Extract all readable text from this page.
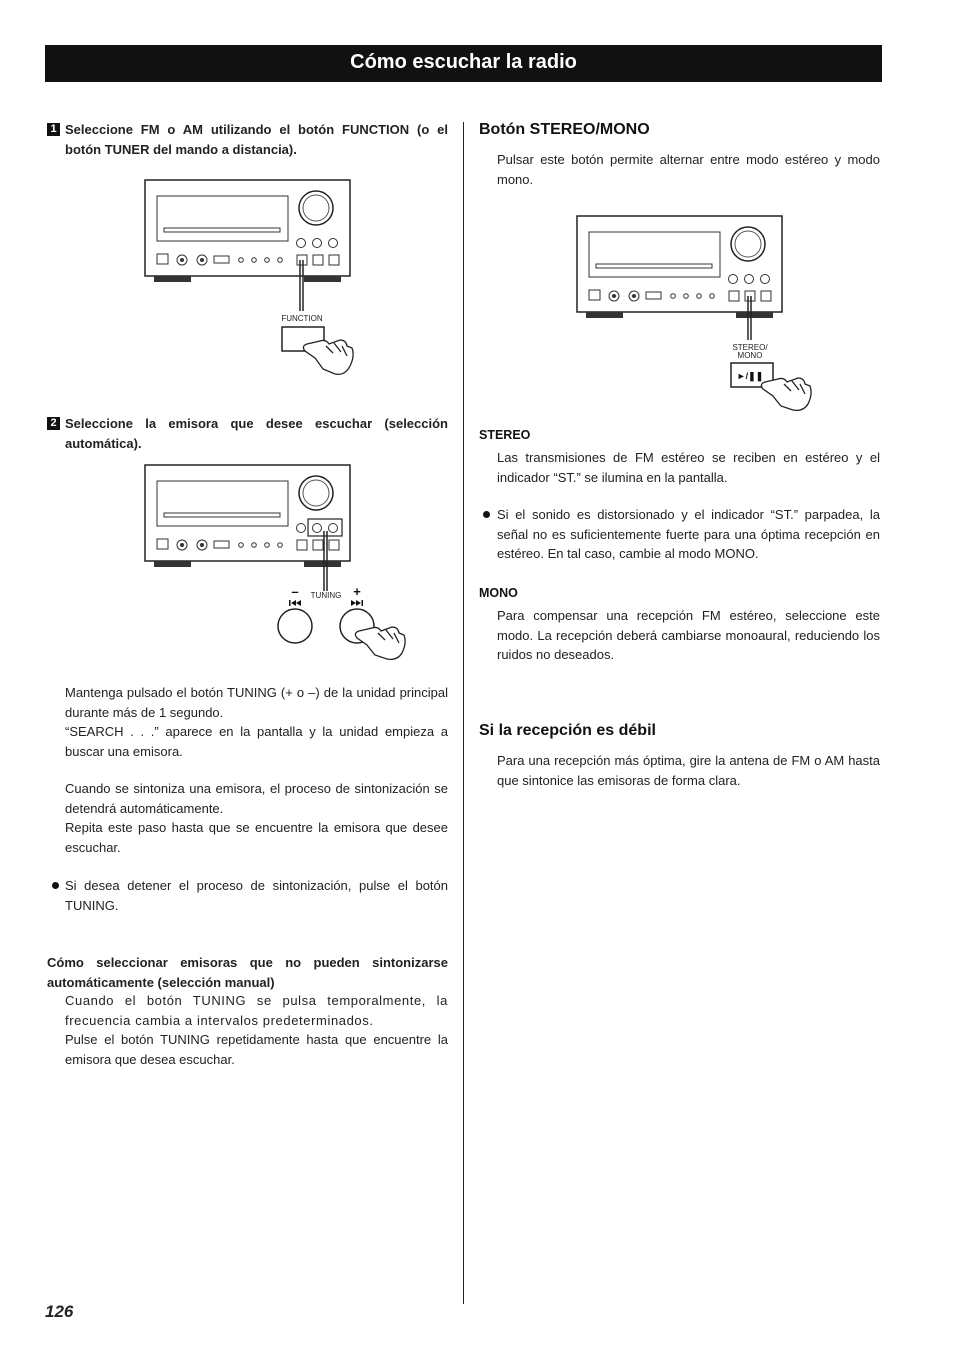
Cómo escuchar la radio
1 Seleccione FM o AM utilizando el botón FUNCTION (o el botón TUNER del mando a distancia).

FUNCTION
2 Seleccione la emisora que desee escuchar (selección automática).

–	+
TUNING

Mantenga pulsado el botón TUNING (+ o –) de la unidad principal durante más de 1 segundo.

“SEARCH . . .” aparece en la pantalla y la unidad empieza a buscar una emisora.

Cuando se sintoniza una emisora, el proceso de sintonización se detendrá automáticamente.

Repita este paso hasta que se encuentre la emisora que desee escuchar.

Si desea detener el proceso de sintonización, pulse el botón TUNING.

Cómo seleccionar emisoras que no pueden sintonizarse automáticamente (selección manual)

Cuando el botón TUNING se pulsa temporalmente, la frecuencia cambia a intervalos predeterminados.

Pulse el botón TUNING repetidamente hasta que encuentre la emisora que desea escuchar.

Botón STEREO/MONO

Pulsar este botón permite alternar entre modo estéreo y modo mono.

STEREO/
MONO
►/❚❚

STEREO

Las transmisiones de FM estéreo se reciben en estéreo y el indicador “ST.” se ilumina en la pantalla.

Si el sonido es distorsionado y el indicador “ST.” parpadea, la señal no es suficientemente fuerte para una óptima recepción en estéreo. En tal caso, cambie al modo MONO.

MONO

Para compensar una recepción FM estéreo, seleccione este modo. La recepción deberá cambiarse monoaural, reduciendo los ruidos no deseados.

Si la recepción es débil

Para una recepción más óptima, gire la antena de FM o AM hasta que sintonice las emisoras de forma clara.

126
